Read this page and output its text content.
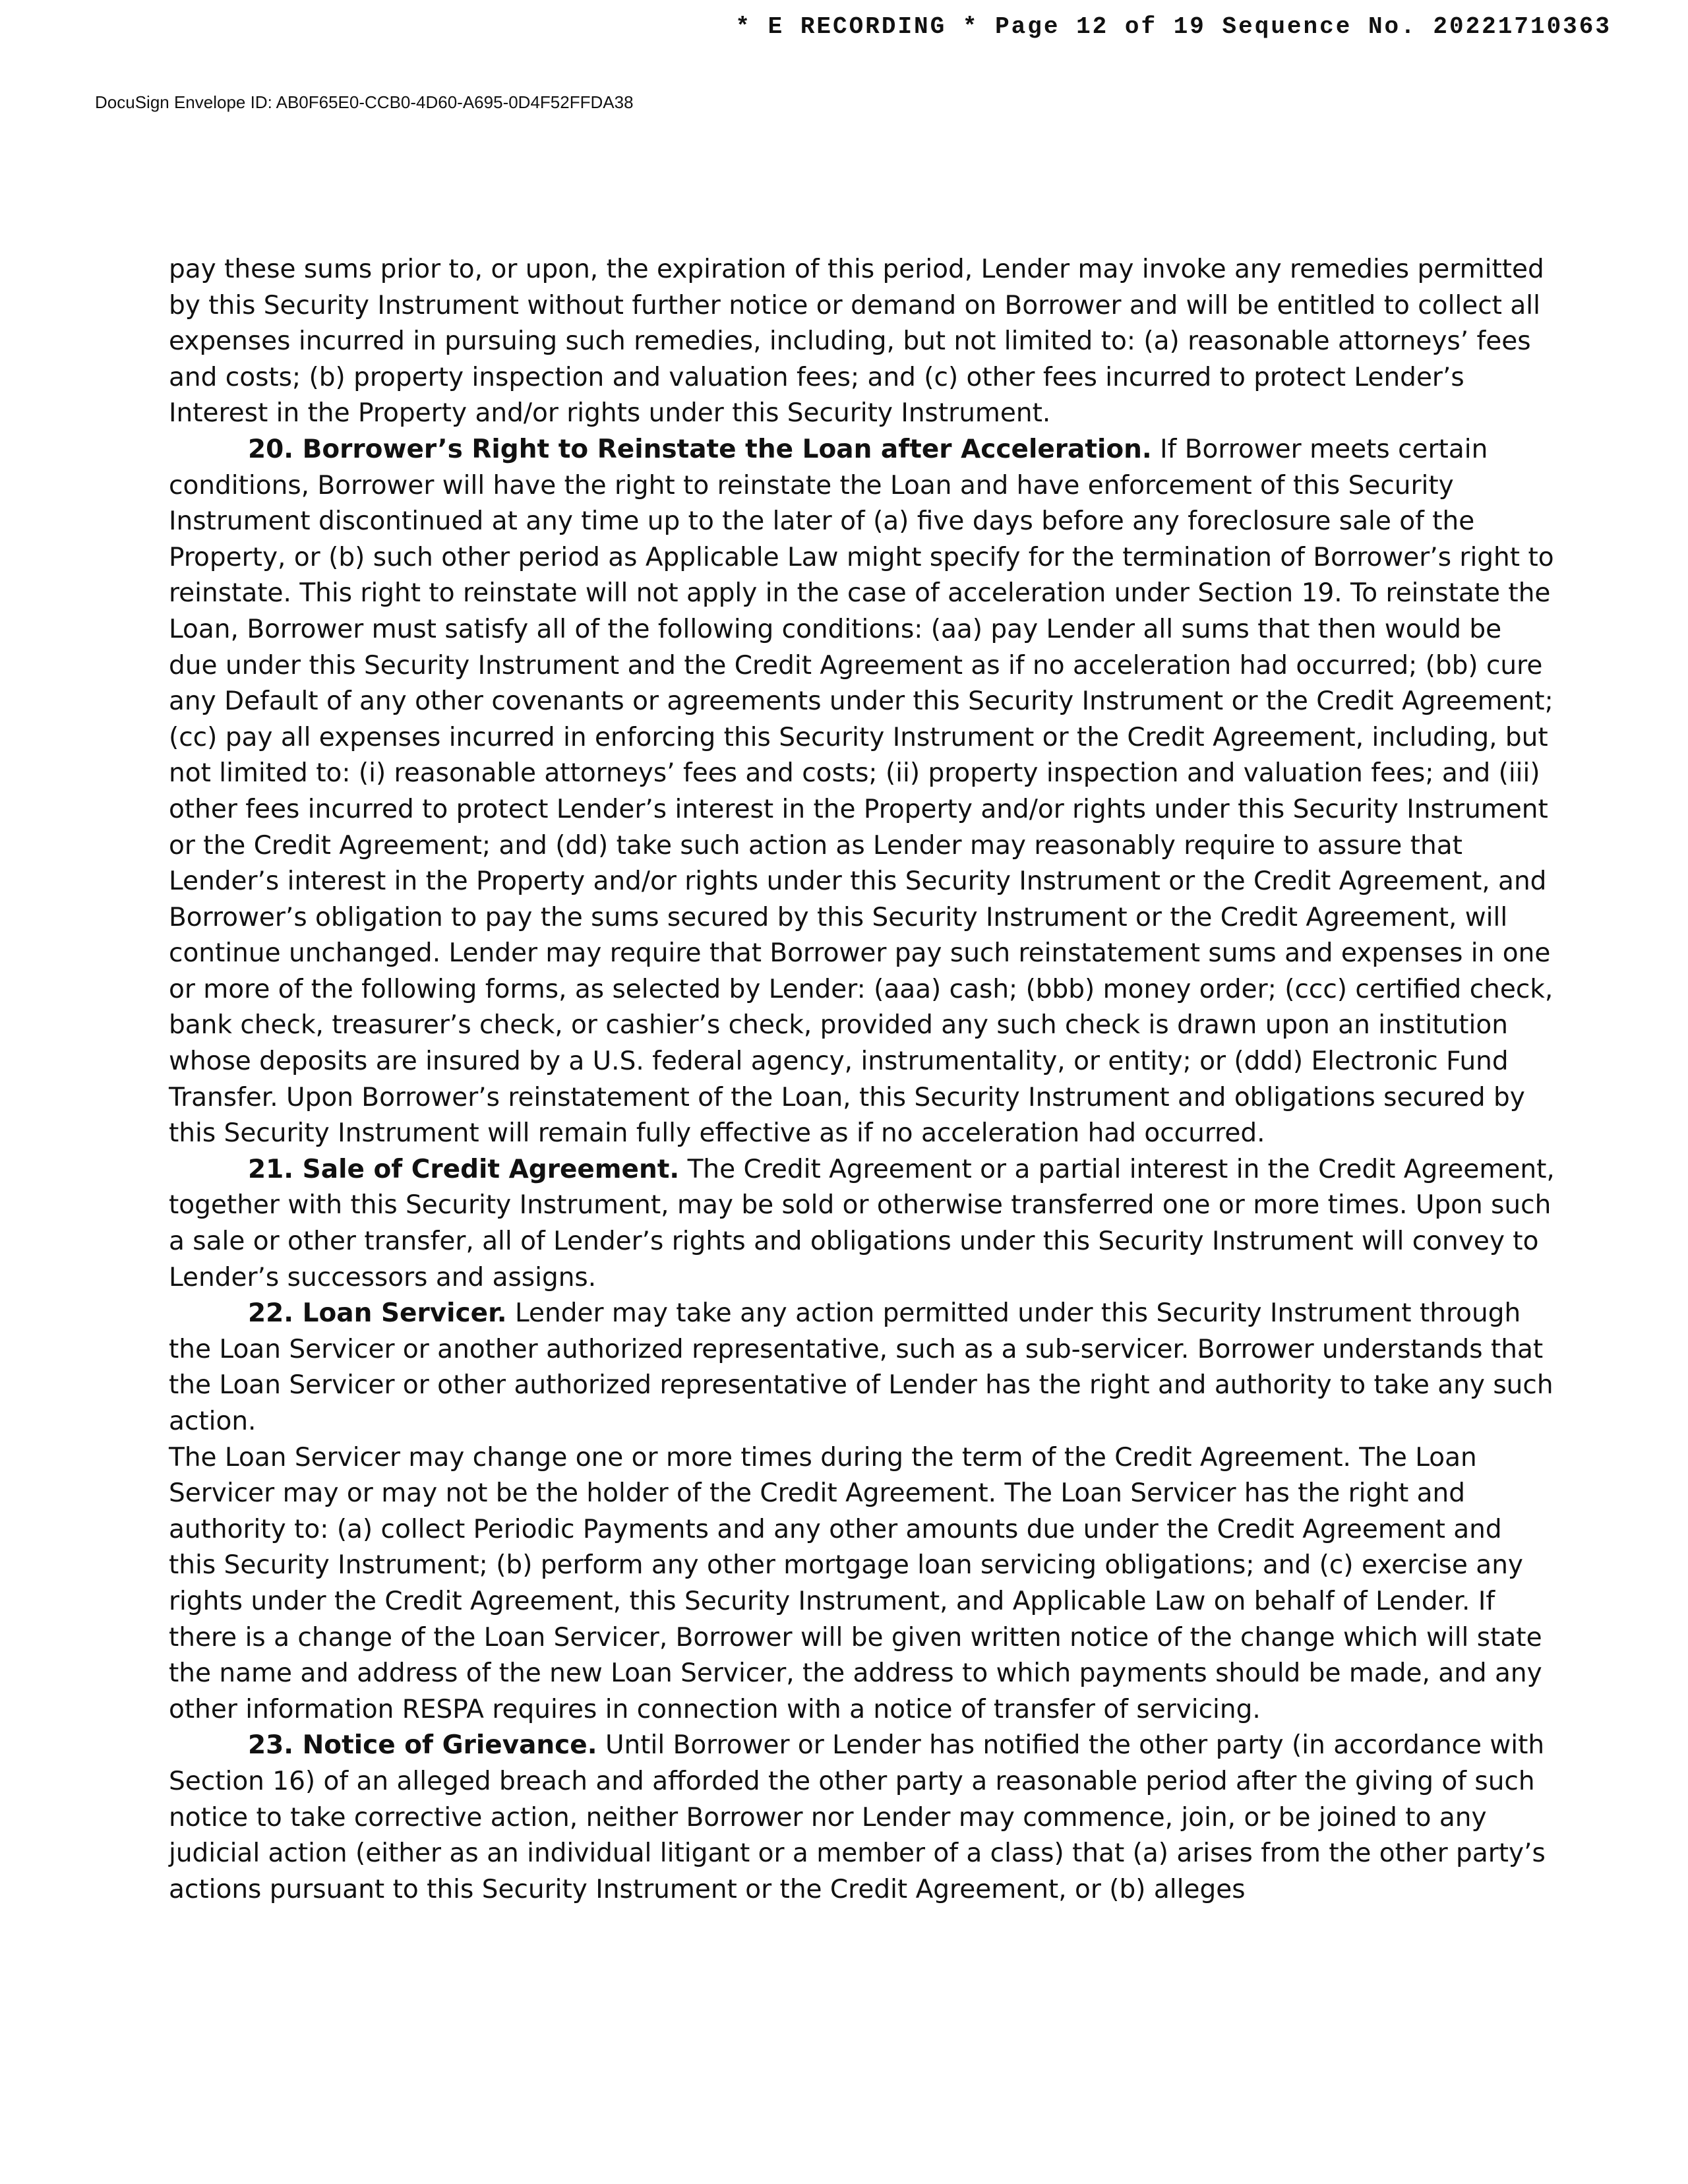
* E RECORDING * Page 12 of 19 Sequence No. 20221710363
DocuSign Envelope ID: AB0F65E0-CCB0-4D60-A695-0D4F52FFDA38

pay these sums prior to, or upon, the expiration of this period, Lender may invoke any remedies permitted by this Security Instrument without further notice or demand on Borrower and will be entitled to collect all expenses incurred in pursuing such remedies, including, but not limited to: (a) reasonable attorneys’ fees and costs; (b) property inspection and valuation fees; and (c) other fees incurred to protect Lender’s Interest in the Property and/or rights under this Security Instrument.

20. Borrower’s Right to Reinstate the Loan after Acceleration. If Borrower meets certain conditions, Borrower will have the right to reinstate the Loan and have enforcement of this Security Instrument discontinued at any time up to the later of (a) five days before any foreclosure sale of the Property, or (b) such other period as Applicable Law might specify for the termination of Borrower’s right to reinstate. This right to reinstate will not apply in the case of acceleration under Section 19. To reinstate the Loan, Borrower must satisfy all of the following conditions: (aa) pay Lender all sums that then would be due under this Security Instrument and the Credit Agreement as if no acceleration had occurred; (bb) cure any Default of any other covenants or agreements under this Security Instrument or the Credit Agreement; (cc) pay all expenses incurred in enforcing this Security Instrument or the Credit Agreement, including, but not limited to: (i) reasonable attorneys’ fees and costs; (ii) property inspection and valuation fees; and (iii) other fees incurred to protect Lender’s interest in the Property and/or rights under this Security Instrument or the Credit Agreement; and (dd) take such action as Lender may reasonably require to assure that Lender’s interest in the Property and/or rights under this Security Instrument or the Credit Agreement, and Borrower’s obligation to pay the sums secured by this Security Instrument or the Credit Agreement, will continue unchanged. Lender may require that Borrower pay such reinstatement sums and expenses in one or more of the following forms, as selected by Lender: (aaa) cash; (bbb) money order; (ccc) certified check, bank check, treasurer’s check, or cashier’s check, provided any such check is drawn upon an institution whose deposits are insured by a U.S. federal agency, instrumentality, or entity; or (ddd) Electronic Fund Transfer. Upon Borrower’s reinstatement of the Loan, this Security Instrument and obligations secured by this Security Instrument will remain fully effective as if no acceleration had occurred.

21. Sale of Credit Agreement. The Credit Agreement or a partial interest in the Credit Agreement, together with this Security Instrument, may be sold or otherwise transferred one or more times. Upon such a sale or other transfer, all of Lender’s rights and obligations under this Security Instrument will convey to Lender’s successors and assigns.

22. Loan Servicer. Lender may take any action permitted under this Security Instrument through the Loan Servicer or another authorized representative, such as a sub-servicer. Borrower understands that the Loan Servicer or other authorized representative of Lender has the right and authority to take any such action.

The Loan Servicer may change one or more times during the term of the Credit Agreement. The Loan Servicer may or may not be the holder of the Credit Agreement. The Loan Servicer has the right and authority to: (a) collect Periodic Payments and any other amounts due under the Credit Agreement and this Security Instrument; (b) perform any other mortgage loan servicing obligations; and (c) exercise any rights under the Credit Agreement, this Security Instrument, and Applicable Law on behalf of Lender. If there is a change of the Loan Servicer, Borrower will be given written notice of the change which will state the name and address of the new Loan Servicer, the address to which payments should be made, and any other information RESPA requires in connection with a notice of transfer of servicing.

23. Notice of Grievance. Until Borrower or Lender has notified the other party (in accordance with Section 16) of an alleged breach and afforded the other party a reasonable period after the giving of such notice to take corrective action, neither Borrower nor Lender may commence, join, or be joined to any judicial action (either as an individual litigant or a member of a class) that (a) arises from the other party’s actions pursuant to this Security Instrument or the Credit Agreement, or (b) alleges
